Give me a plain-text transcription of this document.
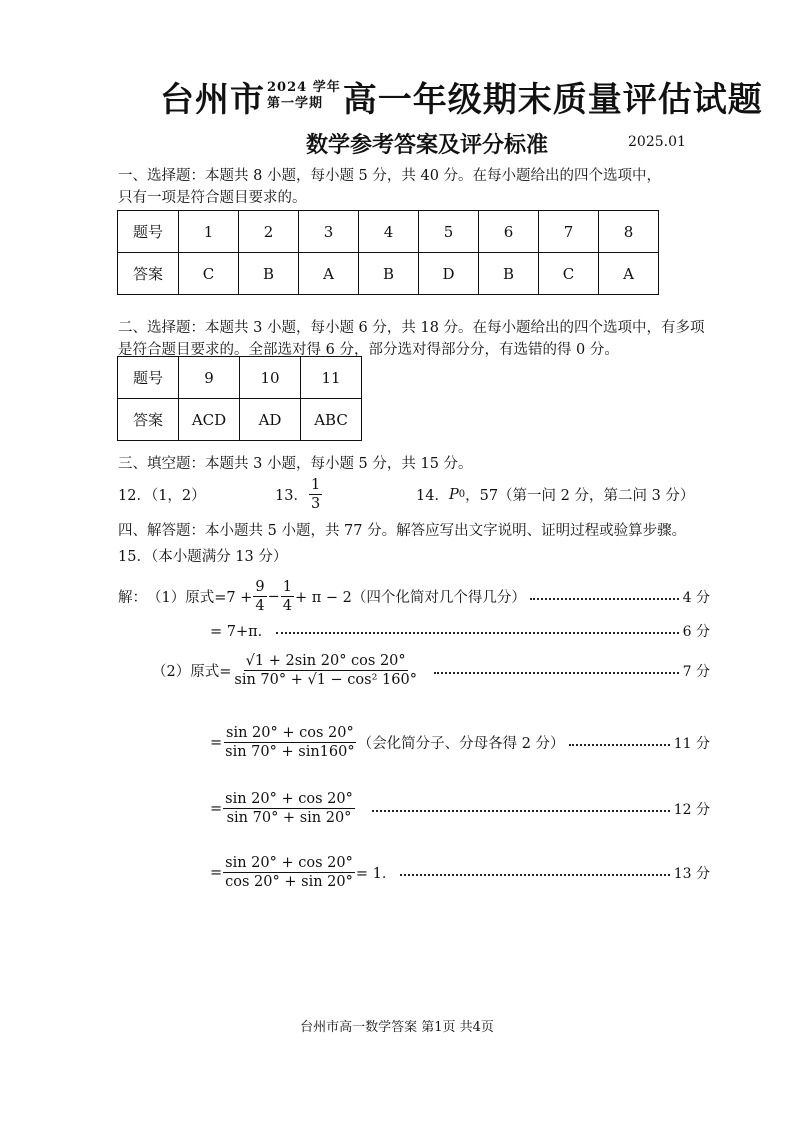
台州市 2024 学年
第一学期 高一年级期末质量评估试题
数学参考答案及评分标准	2025.01
一、选择题：本题共 8 小题，每小题 5 分，共 40 分。在每小题给出的四个选项中，
只有一项是符合题目要求的。
题号	1	2	3	4	5	6	7	8
答案	C	B	A	B	D	B	C	A
二、选择题：本题共 3 小题，每小题 6 分，共 18 分。在每小题给出的四个选项中，有多项
是符合题目要求的。全部选对得 6 分，部分选对得部分分，有选错的得 0 分。
题号	9	10	11
答案	ACD	AD	ABC
三、填空题：本题共 3 小题，每小题 5 分，共 15 分。
12．（1，2）	13． $\frac{1}{3}$	14． P 0 ，57（第一问 2 分，第二问 3 分）
四、解答题：本小题共 5 小题，共 77 分。解答应写出文字说明、证明过程或验算步骤。
15．（本小题满分 13 分）
解： （1）原式$=7 + \frac{9}{4} - \frac{1}{4} + \pi - 2$（四个化简对几个得几分）	4 分
= 7+π．	6 分
（2）原式= $\frac{√1 + 2\sin 20^\circ \cos 20^\circ}{\text{sin 70° + √1 − cos² 160°}}$	7 分
= $\frac{\sin 20^\circ + \cos 20^\circ}{\sin 70^\circ + \sin 160^\circ}$ （会化简分子、分母各得 2 分）	11 分
= $\frac{\sin 20^\circ + \cos 20^\circ}{\sin 70^\circ + \sin 20^\circ}$	12 分
= $\frac{\sin 20^\circ + \cos 20^\circ}{\cos 20^\circ + \sin 20^\circ} = 1$．	13 分
台州市高一数学答案 第1页 共4页
